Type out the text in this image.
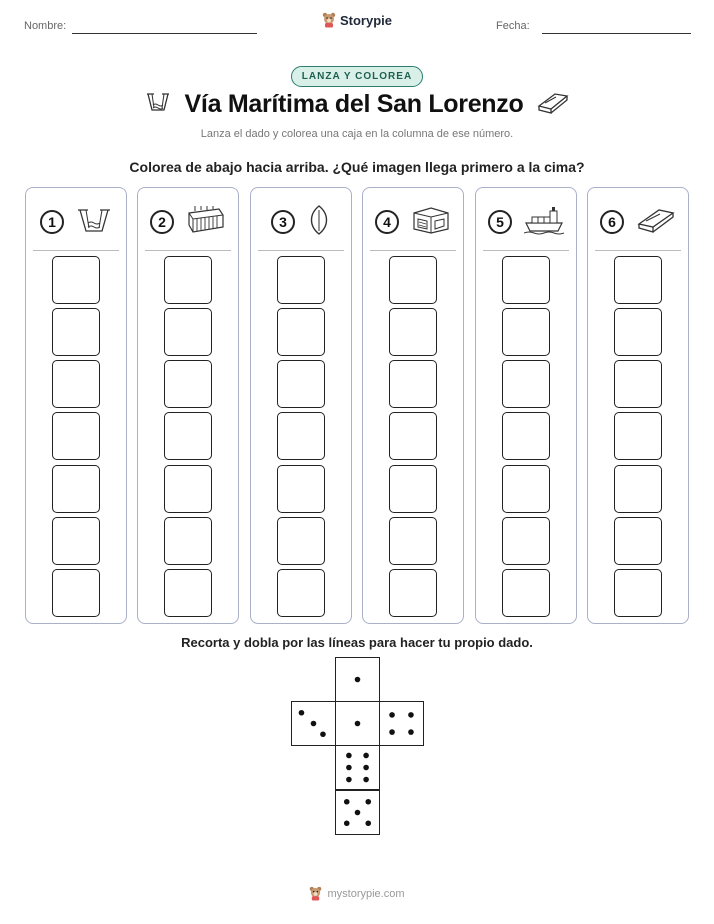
Nombre:	Storypie	Fecha:
LANZA Y COLOREA
Vía Marítima del San Lorenzo
Lanza el dado y colorea una caja en la columna de ese número.
Colorea de abajo hacia arriba. ¿Qué imagen llega primero a la cima?
1	2	3	4	5	6
Recorta y dobla por las líneas para hacer tu propio dado.
mystorypie.com
